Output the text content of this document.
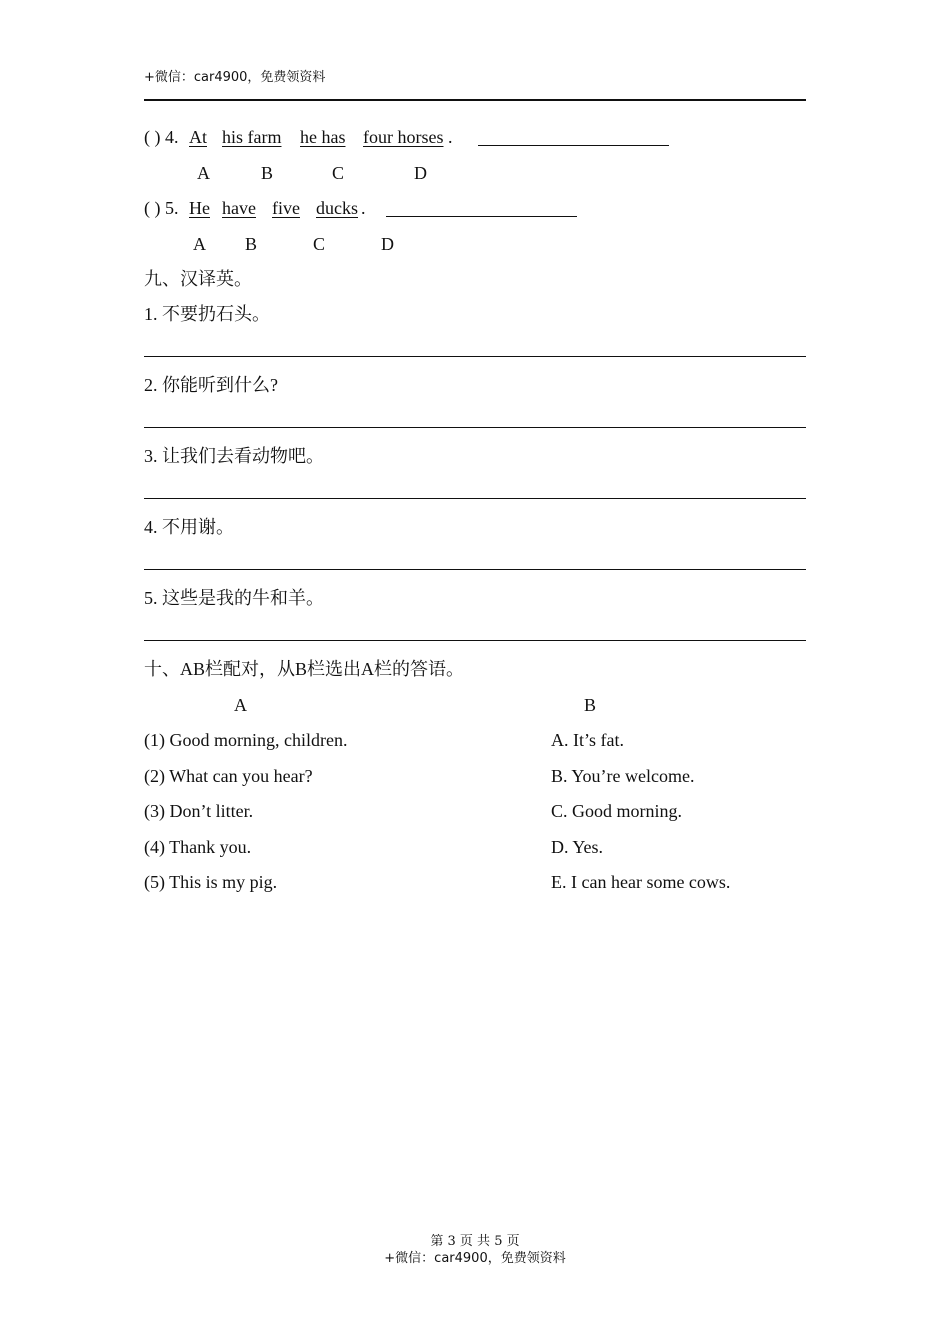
+微信：car4900，免费领资料
( ) 4. At his farm he has four horses .
A	B	C	D
( ) 5. He have five ducks .
A B	C	D
九、汉译英。
1. 不要扔石头。
2. 你能听到什么?
3. 让我们去看动物吧。
4. 不用谢。
5. 这些是我的牛和羊。
十、AB栏配对，从B栏选出A栏的答语。
A	B
(1) Good morning, children.	A. It’s fat.
(2) What can you hear?	B. You’re welcome.
(3) Don’t litter.	C. Good morning.
(4) Thank you.	D. Yes.
(5) This is my pig.	E. I can hear some cows.
第 3 页 共 5 页
+微信：car4900，免费领资料
